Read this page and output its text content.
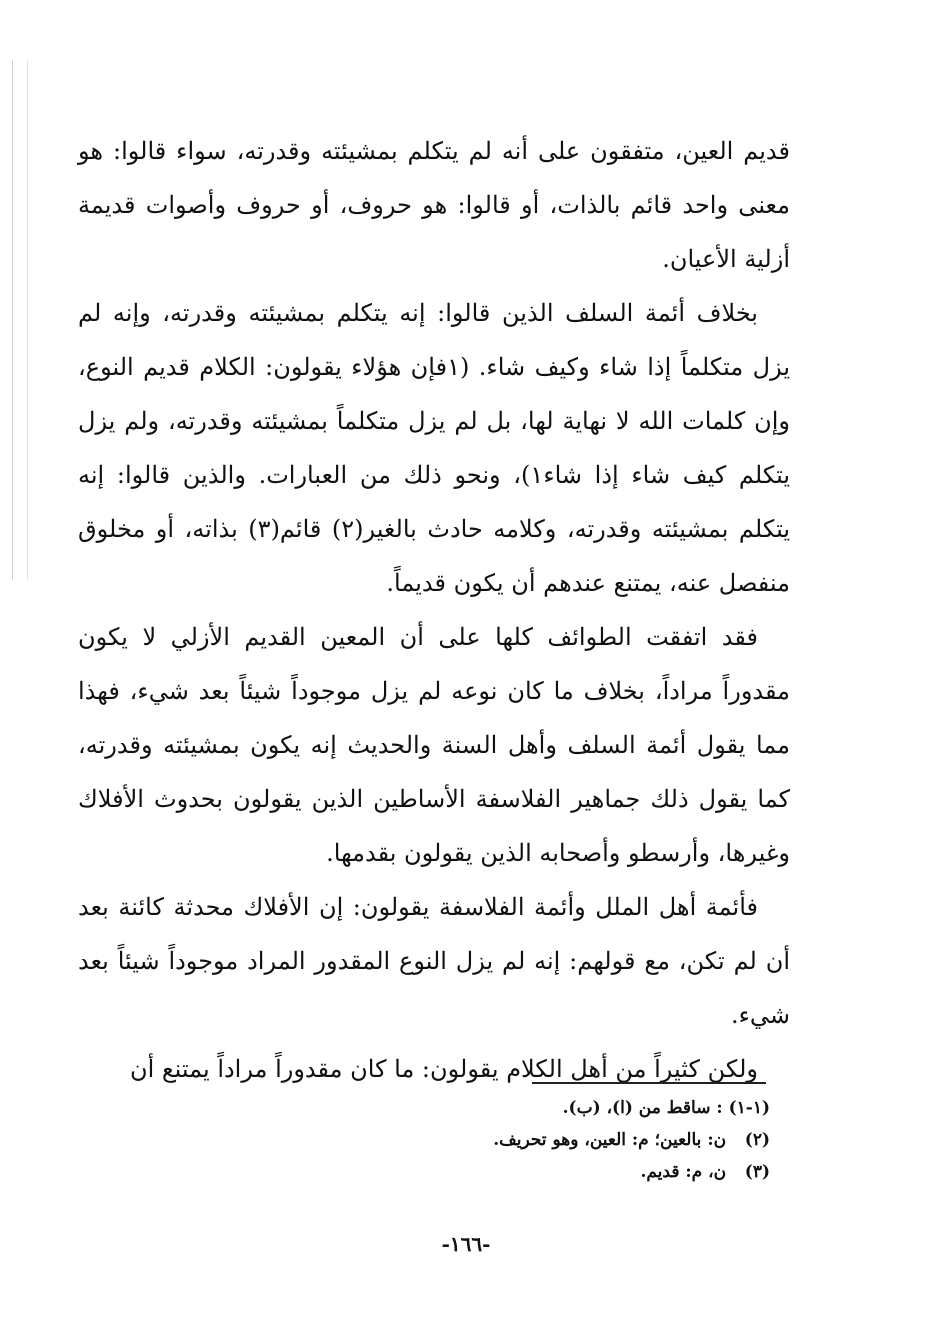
قديم العين، متفقون على أنه لم يتكلم بمشيئته وقدرته، سواء قالوا: هو معنى واحد قائم بالذات، أو قالوا: هو حروف، أو حروف وأصوات قديمة أزلية الأعيان.

بخلاف أئمة السلف الذين قالوا: إنه يتكلم بمشيئته وقدرته، وإنه لم يزل متكلماً إذا شاء وكيف شاء. (١فإن هؤلاء يقولون: الكلام قديم النوع، وإن كلمات الله لا نهاية لها، بل لم يزل متكلماً بمشيئته وقدرته، ولم يزل يتكلم كيف شاء إذا شاء١)، ونحو ذلك من العبارات. والذين قالوا: إنه يتكلم بمشيئته وقدرته، وكلامه حادث بالغير(٢) قائم(٣) بذاته، أو مخلوق منفصل عنه، يمتنع عندهم أن يكون قديماً.

فقد اتفقت الطوائف كلها على أن المعين القديم الأزلي لا يكون مقدوراً مراداً، بخلاف ما كان نوعه لم يزل موجوداً شيئاً بعد شيء، فهذا مما يقول أئمة السلف وأهل السنة والحديث إنه يكون بمشيئته وقدرته، كما يقول ذلك جماهير الفلاسفة الأساطين الذين يقولون بحدوث الأفلاك وغيرها، وأرسطو وأصحابه الذين يقولون بقدمها.

فأئمة أهل الملل وأئمة الفلاسفة يقولون: إن الأفلاك محدثة كائنة بعد أن لم تكن، مع قولهم: إنه لم يزل النوع المقدور المراد موجوداً شيئاً بعد شيء.

ولكن كثيراً من أهل الكلام يقولون: ما كان مقدوراً مراداً يمتنع أن

(١-١) : ساقط من (ا)، (ب).
(٢) ن: بالعين؛ م: العين، وهو تحريف.
(٣) ن، م: قديم.
-١٦٦-
